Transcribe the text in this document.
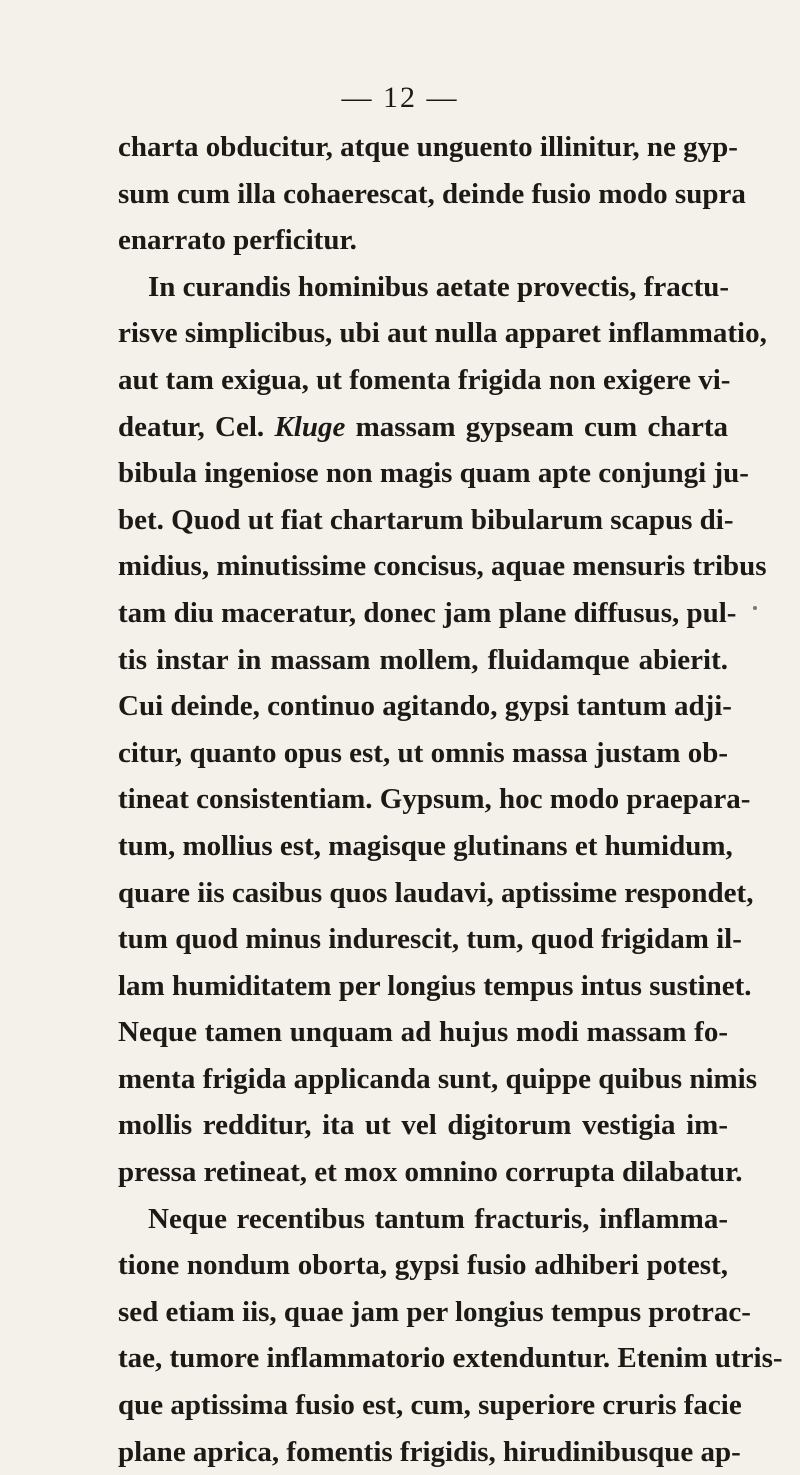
— 12 —
charta obducitur, atque unguento illinitur, ne gyp-
sum cum illa cohaerescat, deinde fusio modo supra
enarrato perficitur.
In curandis hominibus aetate provectis, fractu-
risve simplicibus, ubi aut nulla apparet inflammatio,
aut tam exigua, ut fomenta frigida non exigere vi-
deatur, Cel. Kluge massam gypseam cum charta
bibula ingeniose non magis quam apte conjungi ju-
bet. Quod ut fiat chartarum bibularum scapus di-
midius, minutissime concisus, aquae mensuris tribus
tam diu maceratur, donec jam plane diffusus, pul-
tis instar in massam mollem, fluidamque abierit.
Cui deinde, continuo agitando, gypsi tantum adji-
citur, quanto opus est, ut omnis massa justam ob-
tineat consistentiam. Gypsum, hoc modo praepara-
tum, mollius est, magisque glutinans et humidum,
quare iis casibus quos laudavi, aptissime respondet,
tum quod minus indurescit, tum, quod frigidam il-
lam humiditatem per longius tempus intus sustinet.
Neque tamen unquam ad hujus modi massam fo-
menta frigida applicanda sunt, quippe quibus nimis
mollis redditur, ita ut vel digitorum vestigia im-
pressa retineat, et mox omnino corrupta dilabatur.
Neque recentibus tantum fracturis, inflamma-
tione nondum oborta, gypsi fusio adhiberi potest,
sed etiam iis, quae jam per longius tempus protrac-
tae, tumore inflammatorio extenduntur. Etenim utris-
que aptissima fusio est, cum, superiore cruris facie
plane aprica, fomentis frigidis, hirudinibusque ap-
